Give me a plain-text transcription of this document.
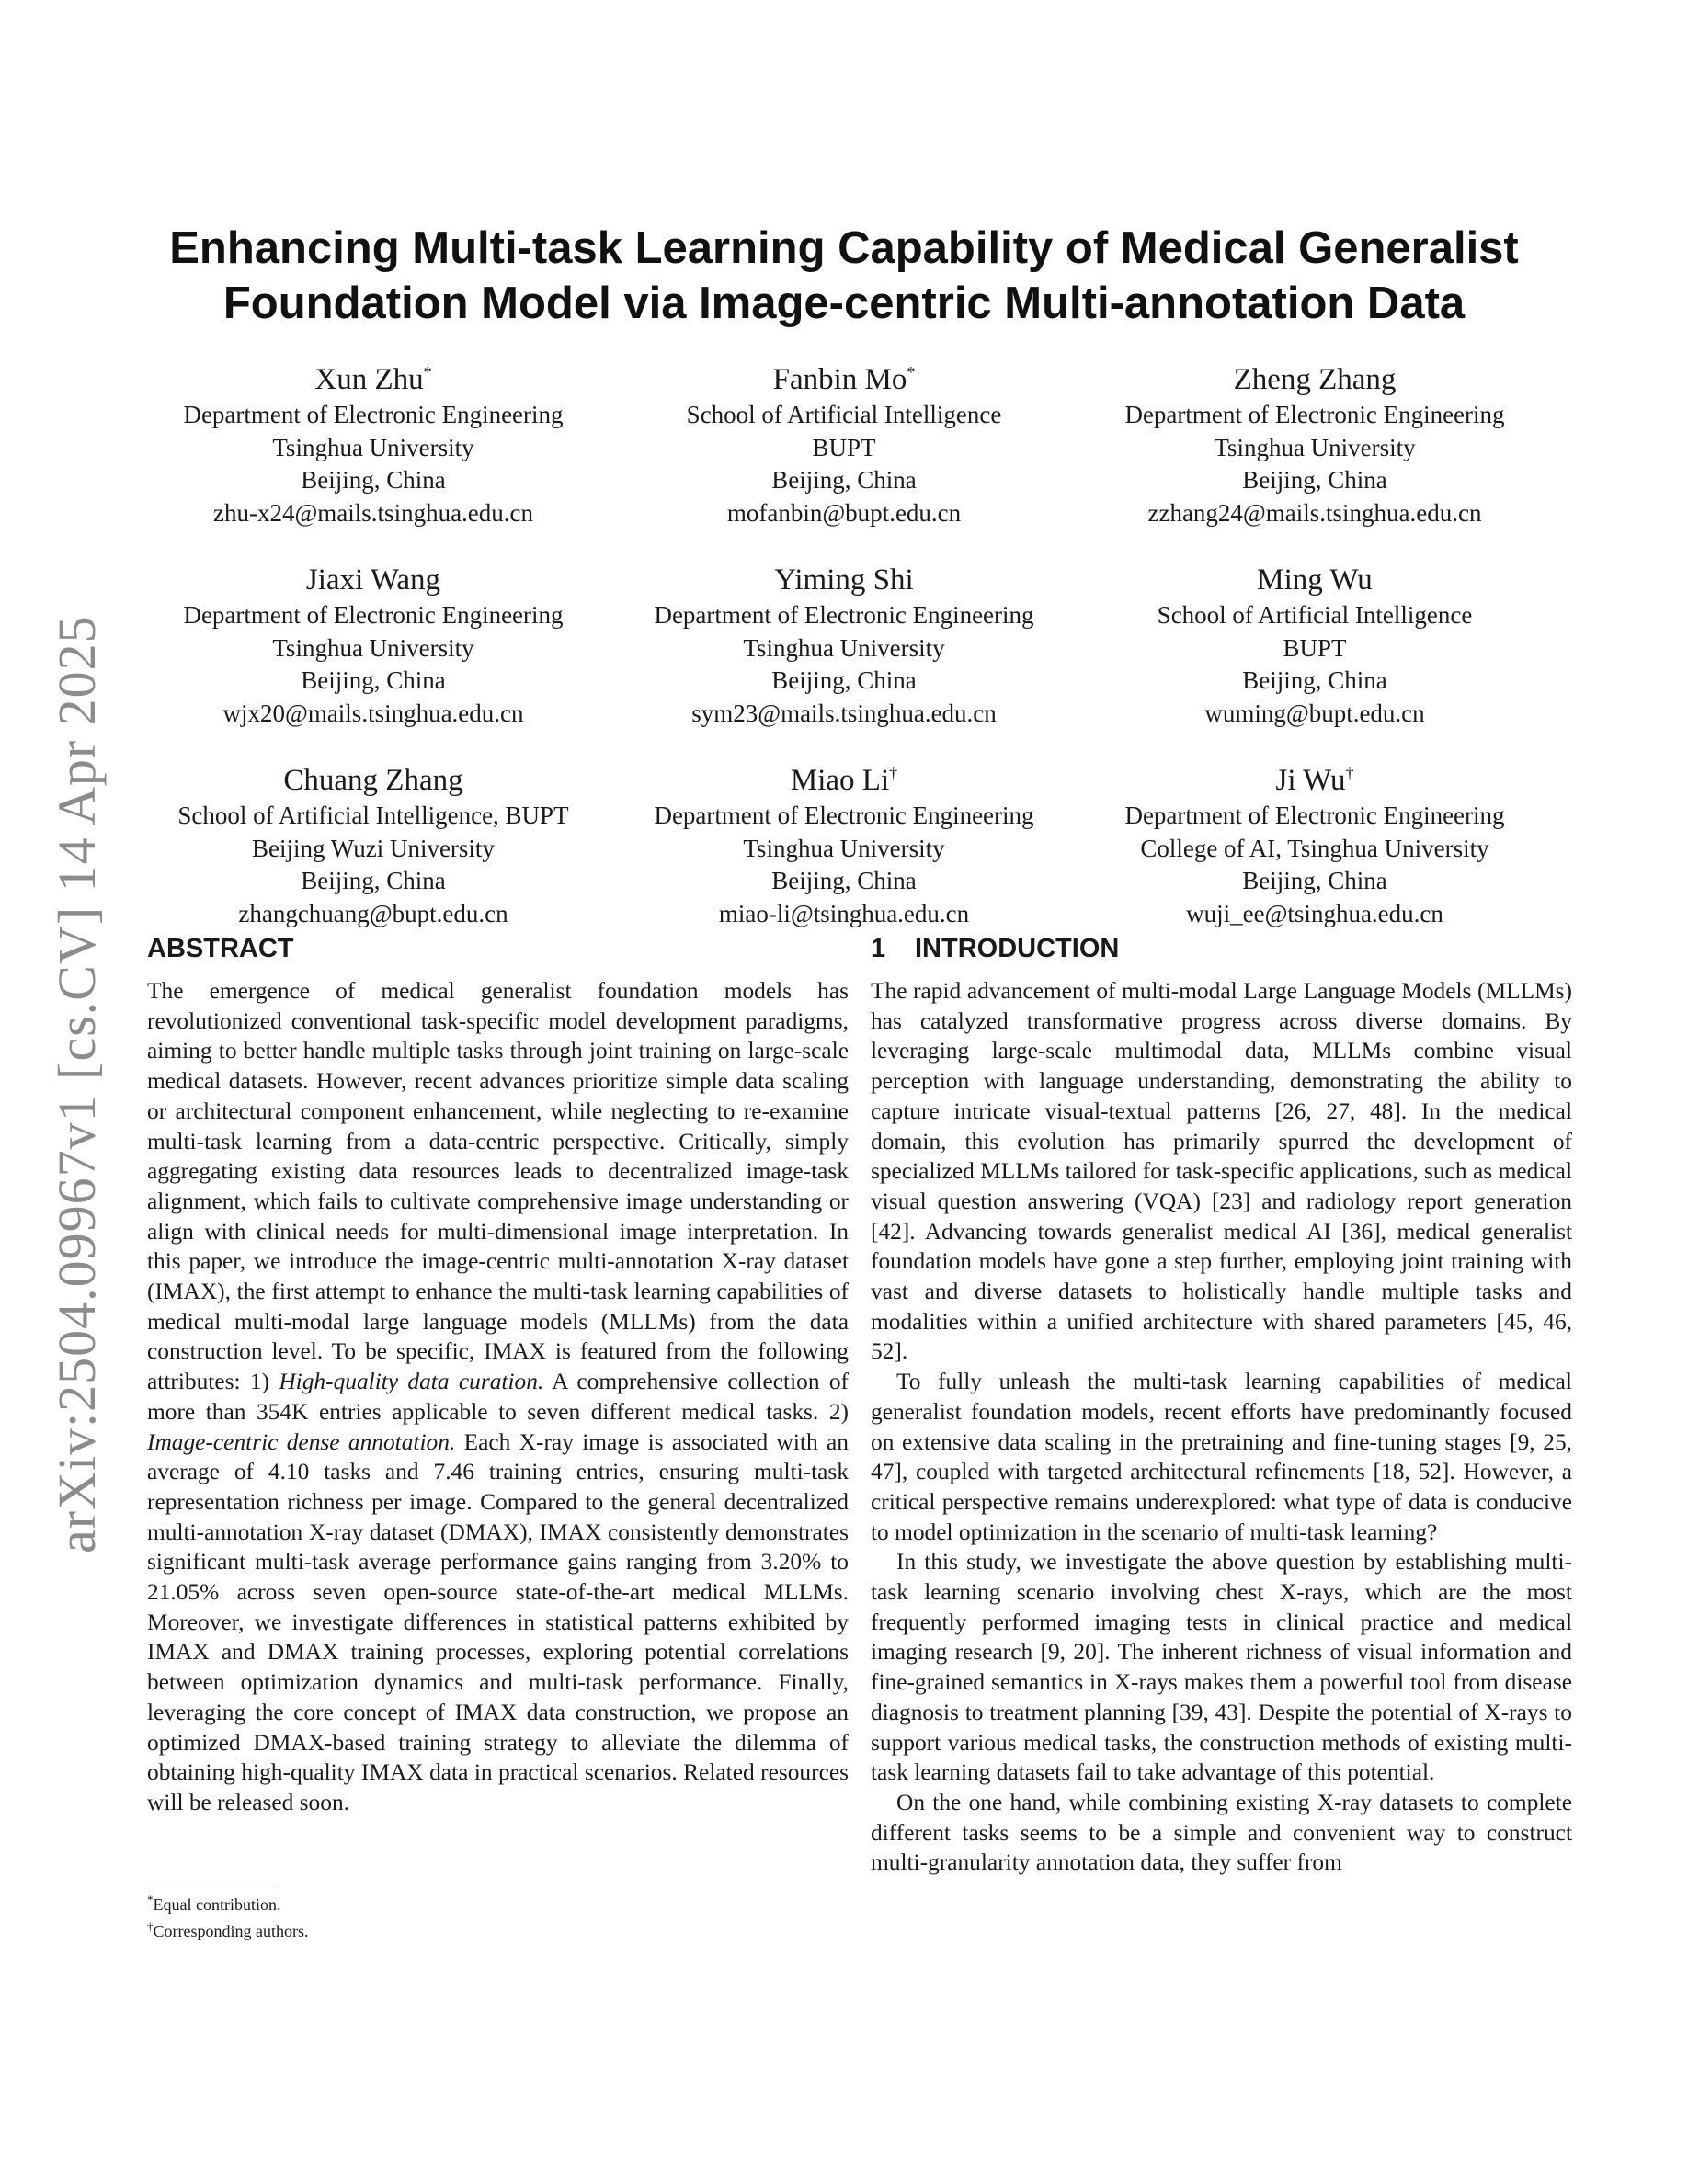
arXiv:2504.09967v1 [cs.CV] 14 Apr 2025
Enhancing Multi-task Learning Capability of Medical Generalist Foundation Model via Image-centric Multi-annotation Data
Xun Zhu*
Department of Electronic Engineering
Tsinghua University
Beijing, China
zhu-x24@mails.tsinghua.edu.cn
Fanbin Mo*
School of Artificial Intelligence
BUPT
Beijing, China
mofanbin@bupt.edu.cn
Zheng Zhang
Department of Electronic Engineering
Tsinghua University
Beijing, China
zzhang24@mails.tsinghua.edu.cn
Jiaxi Wang
Department of Electronic Engineering
Tsinghua University
Beijing, China
wjx20@mails.tsinghua.edu.cn
Yiming Shi
Department of Electronic Engineering
Tsinghua University
Beijing, China
sym23@mails.tsinghua.edu.cn
Ming Wu
School of Artificial Intelligence
BUPT
Beijing, China
wuming@bupt.edu.cn
Chuang Zhang
School of Artificial Intelligence, BUPT
Beijing Wuzi University
Beijing, China
zhangchuang@bupt.edu.cn
Miao Li†
Department of Electronic Engineering
Tsinghua University
Beijing, China
miao-li@tsinghua.edu.cn
Ji Wu†
Department of Electronic Engineering
College of AI, Tsinghua University
Beijing, China
wuji_ee@tsinghua.edu.cn
ABSTRACT

The emergence of medical generalist foundation models has revolutionized conventional task-specific model development paradigms, aiming to better handle multiple tasks through joint training on large-scale medical datasets. However, recent advances prioritize simple data scaling or architectural component enhancement, while neglecting to re-examine multi-task learning from a data-centric perspective. Critically, simply aggregating existing data resources leads to decentralized image-task alignment, which fails to cultivate comprehensive image understanding or align with clinical needs for multi-dimensional image interpretation. In this paper, we introduce the image-centric multi-annotation X-ray dataset (IMAX), the first attempt to enhance the multi-task learning capabilities of medical multi-modal large language models (MLLMs) from the data construction level. To be specific, IMAX is featured from the following attributes: 1) High-quality data curation. A comprehensive collection of more than 354K entries applicable to seven different medical tasks. 2) Image-centric dense annotation. Each X-ray image is associated with an average of 4.10 tasks and 7.46 training entries, ensuring multi-task representation richness per image. Compared to the general decentralized multi-annotation X-ray dataset (DMAX), IMAX consistently demonstrates significant multi-task average performance gains ranging from 3.20% to 21.05% across seven open-source state-of-the-art medical MLLMs. Moreover, we investigate differences in statistical patterns exhibited by IMAX and DMAX training processes, exploring potential correlations between optimization dynamics and multi-task performance. Finally, leveraging the core concept of IMAX data construction, we propose an optimized DMAX-based training strategy to alleviate the dilemma of obtaining high-quality IMAX data in practical scenarios. Related resources will be released soon.

*Equal contribution.
†Corresponding authors.
1 INTRODUCTION

The rapid advancement of multi-modal Large Language Models (MLLMs) has catalyzed transformative progress across diverse domains. By leveraging large-scale multimodal data, MLLMs combine visual perception with language understanding, demonstrating the ability to capture intricate visual-textual patterns [26, 27, 48]. In the medical domain, this evolution has primarily spurred the development of specialized MLLMs tailored for task-specific applications, such as medical visual question answering (VQA) [23] and radiology report generation [42]. Advancing towards generalist medical AI [36], medical generalist foundation models have gone a step further, employing joint training with vast and diverse datasets to holistically handle multiple tasks and modalities within a unified architecture with shared parameters [45, 46, 52].

To fully unleash the multi-task learning capabilities of medical generalist foundation models, recent efforts have predominantly focused on extensive data scaling in the pretraining and fine-tuning stages [9, 25, 47], coupled with targeted architectural refinements [18, 52]. However, a critical perspective remains underexplored: what type of data is conducive to model optimization in the scenario of multi-task learning?

In this study, we investigate the above question by establishing multi-task learning scenario involving chest X-rays, which are the most frequently performed imaging tests in clinical practice and medical imaging research [9, 20]. The inherent richness of visual information and fine-grained semantics in X-rays makes them a powerful tool from disease diagnosis to treatment planning [39, 43]. Despite the potential of X-rays to support various medical tasks, the construction methods of existing multi-task learning datasets fail to take advantage of this potential.

On the one hand, while combining existing X-ray datasets to complete different tasks seems to be a simple and convenient way to construct multi-granularity annotation data, they suffer from
